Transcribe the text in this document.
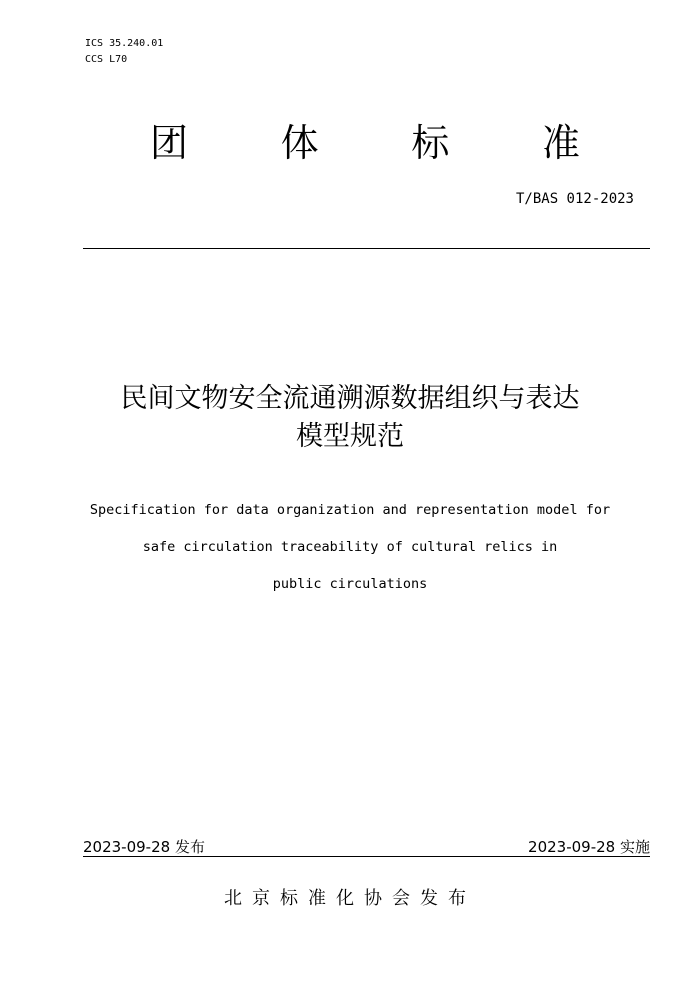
ICS 35.240.01
CCS L70
团 体 标 准
T/BAS 012-2023
民间文物安全流通溯源数据组织与表达
模型规范
Specification for data organization and representation model for
safe circulation traceability of cultural relics in
public circulations
2023-09-28 发布	2023-09-28 实施
北京标准化协会发布
